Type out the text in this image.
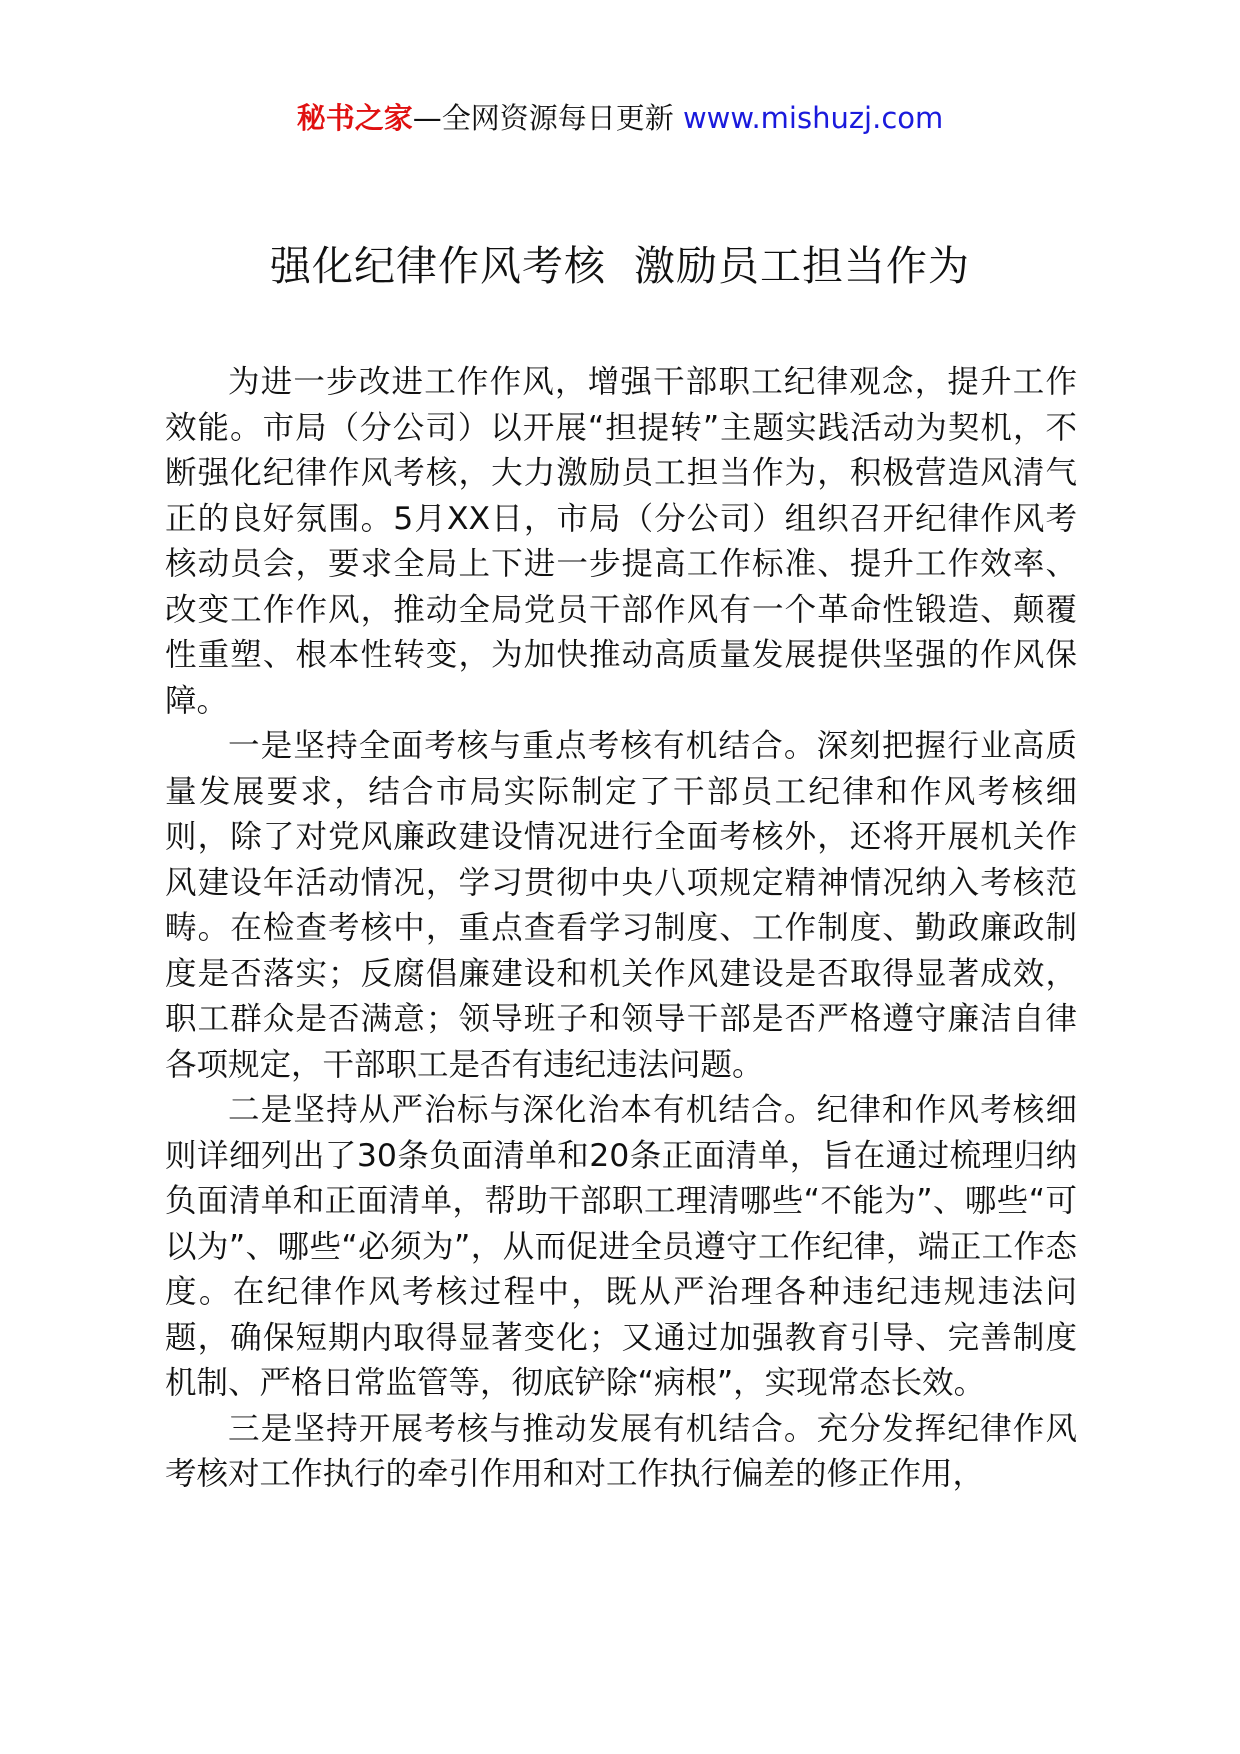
秘书之家—全网资源每日更新 www.mishuzj.com
强化纪律作风考核  激励员工担当作为

为进一步改进工作作风，增强干部职工纪律观念，提升工作效能。市局（分公司）以开展“担提转”主题实践活动为契机，不断强化纪律作风考核，大力激励员工担当作为，积极营造风清气正的良好氛围。5月XX日，市局（分公司）组织召开纪律作风考核动员会，要求全局上下进一步提高工作标准、提升工作效率、改变工作作风，推动全局党员干部作风有一个革命性锻造、颠覆性重塑、根本性转变，为加快推动高质量发展提供坚强的作风保障。

一是坚持全面考核与重点考核有机结合。深刻把握行业高质量发展要求，结合市局实际制定了干部员工纪律和作风考核细则，除了对党风廉政建设情况进行全面考核外，还将开展机关作风建设年活动情况，学习贯彻中央八项规定精神情况纳入考核范畴。在检查考核中，重点查看学习制度、工作制度、勤政廉政制度是否落实；反腐倡廉建设和机关作风建设是否取得显著成效，职工群众是否满意；领导班子和领导干部是否严格遵守廉洁自律各项规定，干部职工是否有违纪违法问题。

二是坚持从严治标与深化治本有机结合。纪律和作风考核细则详细列出了30条负面清单和20条正面清单，旨在通过梳理归纳负面清单和正面清单，帮助干部职工理清哪些“不能为”、哪些“可以为”、哪些“必须为”，从而促进全员遵守工作纪律，端正工作态度。在纪律作风考核过程中，既从严治理各种违纪违规违法问题，确保短期内取得显著变化；又通过加强教育引导、完善制度机制、严格日常监管等，彻底铲除“病根”，实现常态长效。

三是坚持开展考核与推动发展有机结合。充分发挥纪律作风考核对工作执行的牵引作用和对工作执行偏差的修正作用，
